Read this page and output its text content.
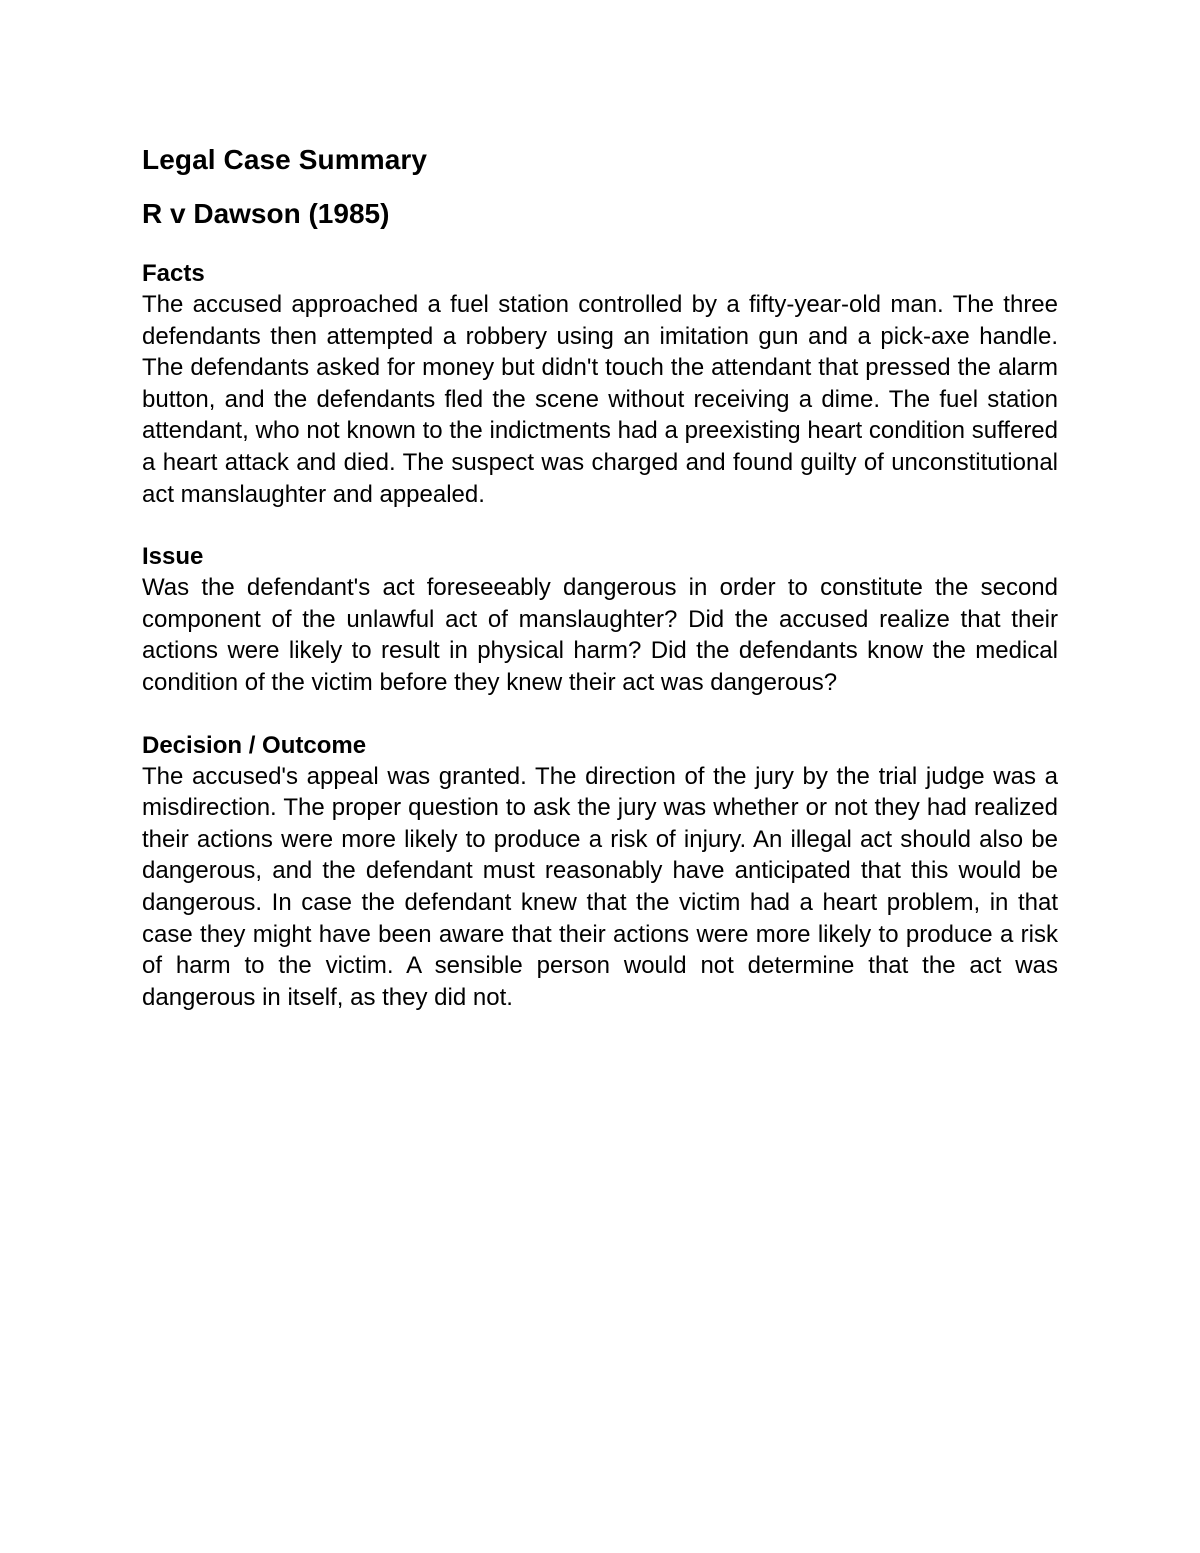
Legal Case Summary
R v Dawson (1985)
Facts

The accused approached a fuel station controlled by a fifty-year-old man. The three defendants then attempted a robbery using an imitation gun and a pick-axe handle. The defendants asked for money but didn't touch the attendant that pressed the alarm button, and the defendants fled the scene without receiving a dime. The fuel station attendant, who not known to the indictments had a preexisting heart condition suffered a heart attack and died. The suspect was charged and found guilty of unconstitutional act manslaughter and appealed.

Issue

Was the defendant's act foreseeably dangerous in order to constitute the second component of the unlawful act of manslaughter? Did the accused realize that their actions were likely to result in physical harm? Did the defendants know the medical condition of the victim before they knew their act was dangerous?

Decision / Outcome

The accused's appeal was granted. The direction of the jury by the trial judge was a misdirection. The proper question to ask the jury was whether or not they had realized their actions were more likely to produce a risk of injury. An illegal act should also be dangerous, and the defendant must reasonably have anticipated that this would be dangerous. In case the defendant knew that the victim had a heart problem, in that case they might have been aware that their actions were more likely to produce a risk of harm to the victim. A sensible person would not determine that the act was dangerous in itself, as they did not.
